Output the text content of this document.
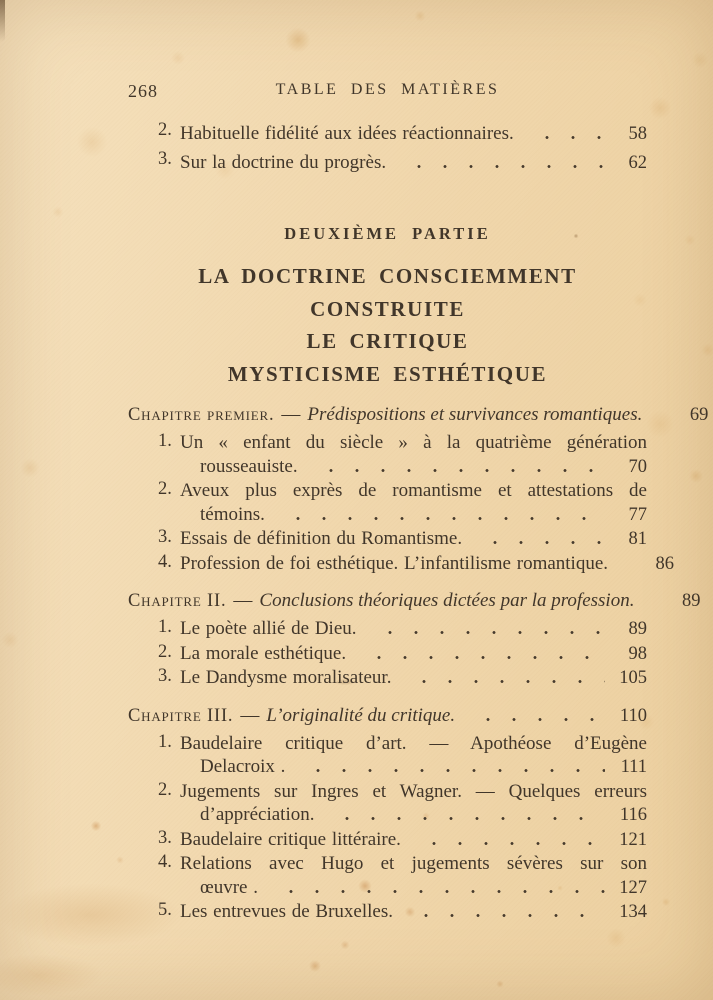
268	TABLE DES MATIÈRES
2. Habituelle fidélité aux idées réactionnaires.	58
3. Sur la doctrine du progrès.	62
DEUXIÈME PARTIE
LA DOCTRINE CONSCIEMMENT CONSTRUITE
LE CRITIQUE
MYSTICISME ESTHÉTIQUE
Chapitre premier. — Prédispositions et survivances romantiques.	69
1. Un « enfant du siècle » à la quatrième génération
rousseauiste.	70
2. Aveux plus exprès de romantisme et attestations de
témoins.	77
3. Essais de définition du Romantisme.	81
4. Profession de foi esthétique. L’infantilisme romantique.	86
Chapitre II. — Conclusions théoriques dictées par la profession.	89
1. Le poète allié de Dieu.	89
2. La morale esthétique.	98
3. Le Dandysme moralisateur.	105
Chapitre III. — L’originalité du critique.	110
1. Baudelaire critique d’art. — Apothéose d’Eugène
Delacroix .	111
2. Jugements sur Ingres et Wagner. — Quelques erreurs
d’appréciation.	116
3. Baudelaire critique littéraire.	121
4. Relations avec Hugo et jugements sévères sur son
œuvre .	127
5. Les entrevues de Bruxelles.	134
